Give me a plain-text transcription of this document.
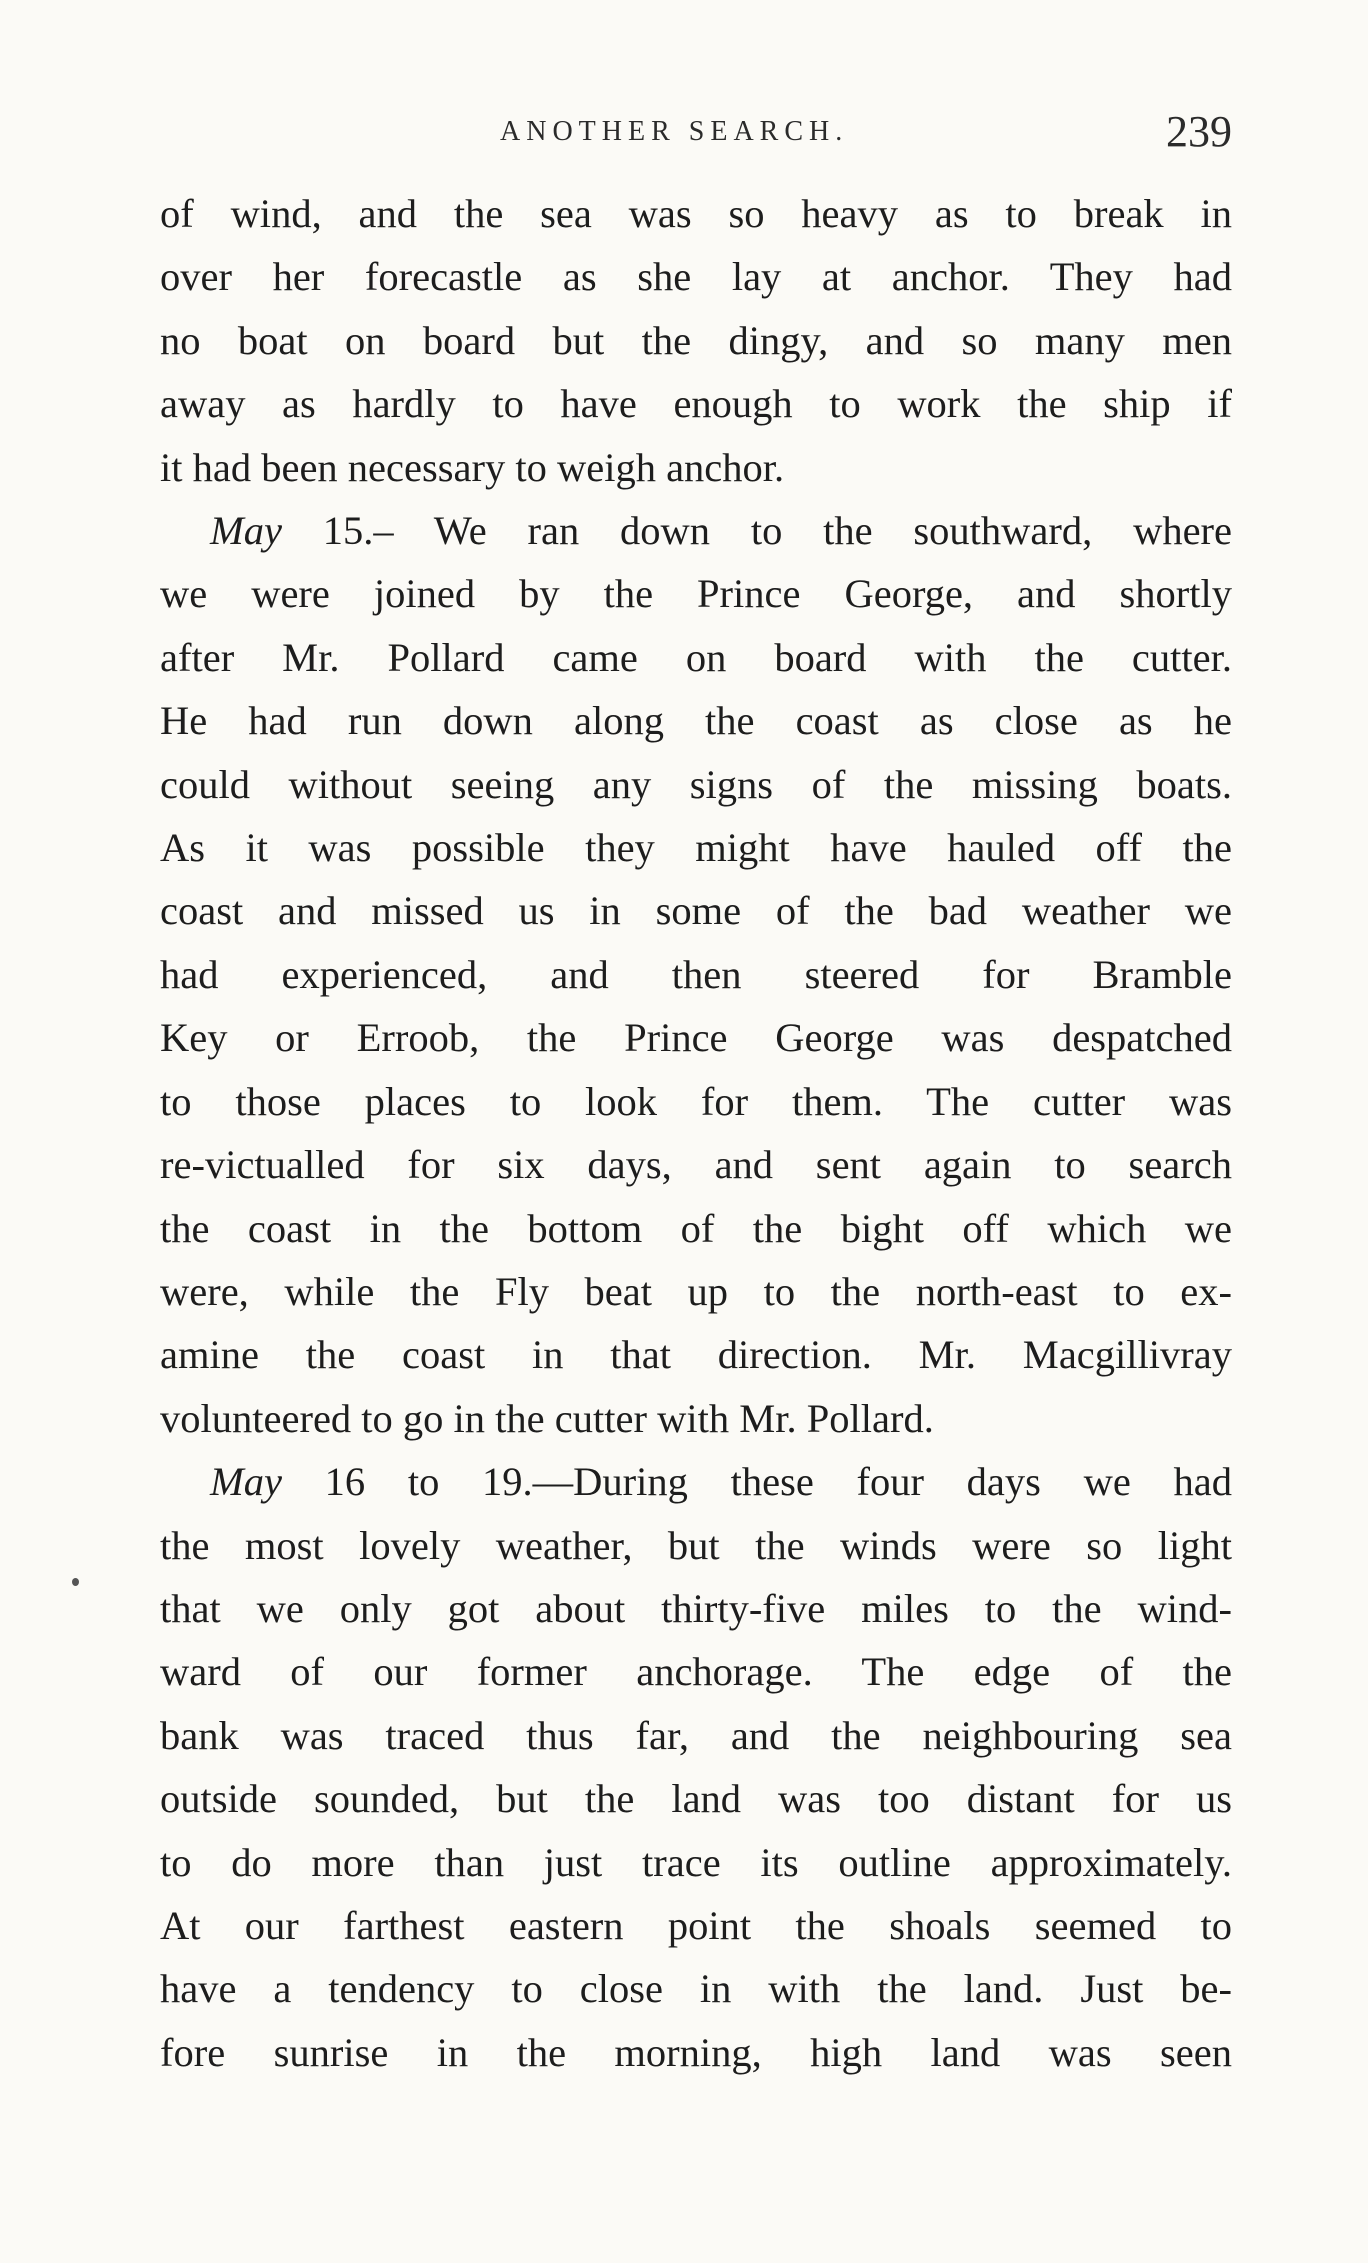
ANOTHER SEARCH.	239
of wind, and the sea was so heavy as to break in
over her forecastle as she lay at anchor. They had
no boat on board but the dingy, and so many men
away as hardly to have enough to work the ship if
it had been necessary to weigh anchor.
May 15.– We ran down to the southward, where
we were joined by the Prince George, and shortly
after Mr. Pollard came on board with the cutter.
He had run down along the coast as close as he
could without seeing any signs of the missing boats.
As it was possible they might have hauled off the
coast and missed us in some of the bad weather we
had experienced, and then steered for Bramble
Key or Erroob, the Prince George was despatched
to those places to look for them. The cutter was
re-victualled for six days, and sent again to search
the coast in the bottom of the bight off which we
were, while the Fly beat up to the north-east to ex-
amine the coast in that direction. Mr. Macgillivray
volunteered to go in the cutter with Mr. Pollard.
May 16 to 19.—During these four days we had
the most lovely weather, but the winds were so light
that we only got about thirty-five miles to the wind-
ward of our former anchorage. The edge of the
bank was traced thus far, and the neighbouring sea
outside sounded, but the land was too distant for us
to do more than just trace its outline approximately.
At our farthest eastern point the shoals seemed to
have a tendency to close in with the land. Just be-
fore sunrise in the morning, high land was seen
